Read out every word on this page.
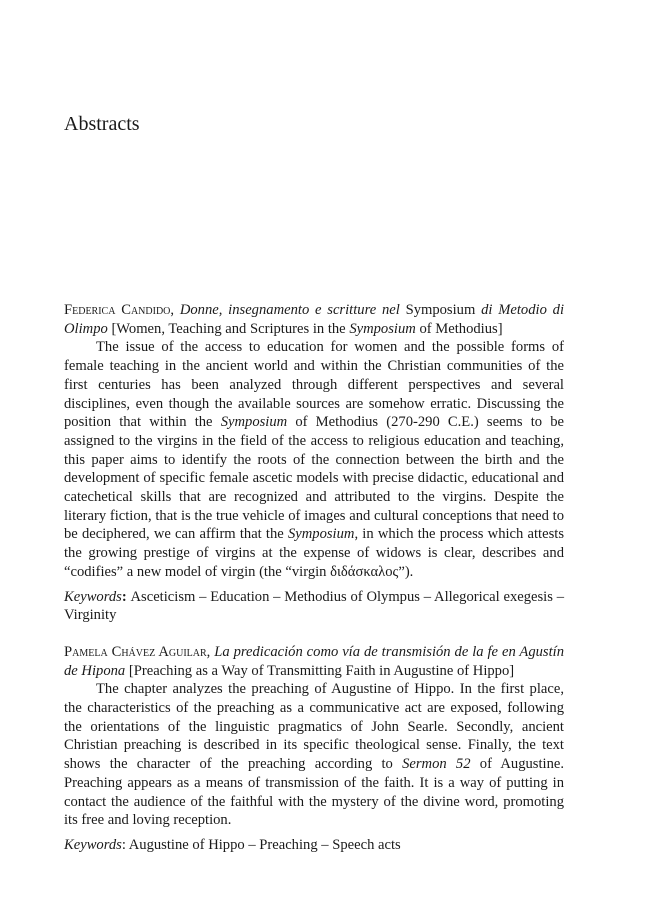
Abstracts

Federica Candido, Donne, insegnamento e scritture nel Symposium di Metodio di Olimpo [Women, Teaching and Scriptures in the Symposium of Methodius]

The issue of the access to education for women and the possible forms of female teaching in the ancient world and within the Christian communities of the first centuries has been analyzed through different perspectives and several disciplines, even though the available sources are somehow erratic. Discussing the position that within the Symposium of Methodius (270-290 C.E.) seems to be assigned to the virgins in the field of the access to religious education and teaching, this paper aims to identify the roots of the connection between the birth and the development of specific female ascetic models with precise didactic, educational and catechetical skills that are recognized and attributed to the virgins. Despite the literary fiction, that is the true vehicle of images and cultural conceptions that need to be deciphered, we can affirm that the Symposium, in which the process which attests the growing prestige of virgins at the expense of widows is clear, describes and “codifies” a new model of virgin (the “virgin διδάσκαλος”).

Keywords: Asceticism – Education – Methodius of Olympus – Allegorical exegesis – Virginity

Pamela Chávez Aguilar, La predicación como vía de transmisión de la fe en Agustín de Hipona [Preaching as a Way of Transmitting Faith in Augustine of Hippo]

The chapter analyzes the preaching of Augustine of Hippo. In the first place, the characteristics of the preaching as a communicative act are exposed, following the orientations of the linguistic pragmatics of John Searle. Secondly, ancient Christian preaching is described in its specific theological sense. Finally, the text shows the character of the preaching according to Sermon 52 of Augustine. Preaching appears as a means of transmission of the faith. It is a way of putting in contact the audience of the faithful with the mystery of the divine word, promoting its free and loving reception.

Keywords: Augustine of Hippo – Preaching – Speech acts
